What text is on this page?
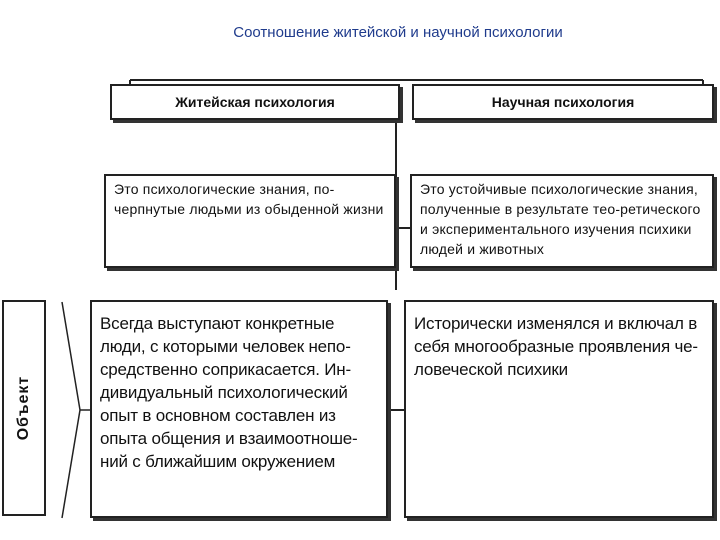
Соотношение житейской и научной психологии
Житейская психология	Научная психология
Это психологические знания, по-черпнутые людьми из обыденной жизни
Это устойчивые психологические знания, полученные в результате тео-ретического и экспериментального изучения психики людей и животных
Объект
Всегда выступают конкретные люди, с которыми человек непо-средственно соприкасается. Ин-дивидуальный психологический опыт в основном составлен из опыта общения и взаимоотноше-ний с ближайшим окружением
Исторически изменялся и включал в себя многообразные проявления че-ловеческой психики
